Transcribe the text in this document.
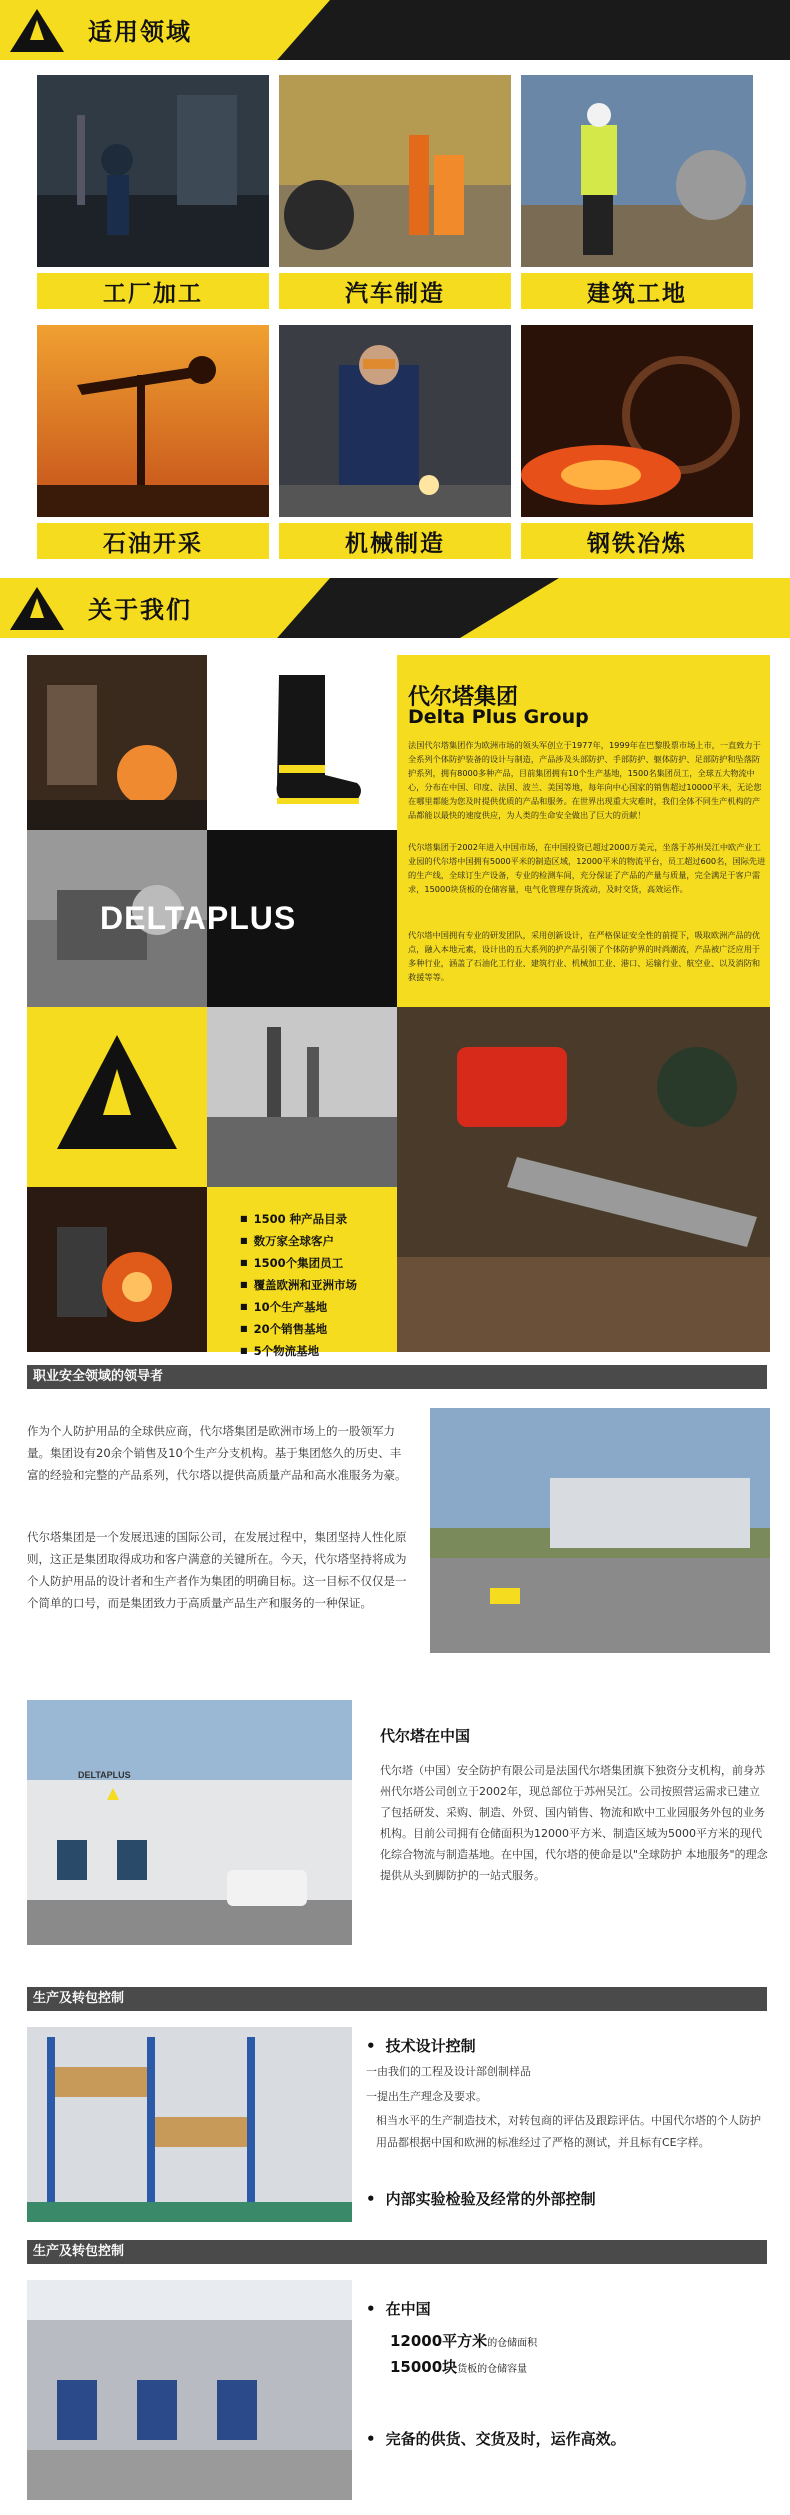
适用领域
工厂加工	汽车制造	建筑工地
石油开采	机械制造	钢铁冶炼
关于我们
代尔塔集团
Delta Plus Group
法国代尔塔集团作为欧洲市场的领头军创立于1977年，1999年在巴黎股票市场上市，一直致力于全系列个体防护装备的设计与制造，产品涉及头部防护、手部防护、躯体防护、足部防护和坠落防护系列，拥有8000多种产品，目前集团拥有10个生产基地，1500名集团员工，全球五大物流中心，分布在中国、印度、法国、波兰、美国等地，每年向中心国家的销售超过10000平米，无论您在哪里都能为您及时提供优质的产品和服务。在世界出现重大灾难时，我们全体不同生产机构的产品都能以最快的速度供应，为人类的生命安全做出了巨大的贡献！
代尔塔集团于2002年进入中国市场，在中国投资已超过2000万美元，坐落于苏州吴江中欧产业工业园的代尔塔中国拥有5000平米的制造区域，12000平米的物流平台，员工超过600名，国际先进的生产线，全球订生产设备，专业的检测车间，充分保证了产品的产量与质量，完全满足于客户需求，15000块货板的仓储容量，电气化管理存货流动，及时交货，高效运作。
代尔塔中国拥有专业的研发团队，采用创新设计，在严格保证安全性的前提下，吸取欧洲产品的优点，融入本地元素，设计出的五大系列的护产品引领了个体防护界的时尚潮流，产品被广泛应用于多种行业，涵盖了石油化工行业、建筑行业、机械加工业、港口、运输行业、航空业、以及消防和救援等等。
DELTAPLUS
■ 1500 种产品目录
■ 数万家全球客户
■ 1500个集团员工
■ 覆盖欧洲和亚洲市场
■ 10个生产基地
■ 20个销售基地
■ 5个物流基地
职业安全领域的领导者
作为个人防护用品的全球供应商，代尔塔集团是欧洲市场上的一股领军力量。集团设有20余个销售及10个生产分支机构。基于集团悠久的历史、丰富的经验和完整的产品系列，代尔塔以提供高质量产品和高水准服务为豪。
代尔塔集团是一个发展迅速的国际公司，在发展过程中，集团坚持人性化原则，这正是集团取得成功和客户满意的关键所在。今天，代尔塔坚持将成为个人防护用品的设计者和生产者作为集团的明确目标。这一目标不仅仅是一个简单的口号，而是集团致力于高质量产品生产和服务的一种保证。
DELTAPLUS
代尔塔在中国
代尔塔（中国）安全防护有限公司是法国代尔塔集团旗下独资分支机构，前身苏州代尔塔公司创立于2002年，现总部位于苏州吴江。公司按照营运需求已建立了包括研发、采购、制造、外贸、国内销售、物流和欧中工业园服务外包的业务机构。目前公司拥有仓储面积为12000平方米、制造区域为5000平方米的现代化综合物流与制造基地。在中国，代尔塔的使命是以"全球防护 本地服务"的理念提供从头到脚防护的一站式服务。
生产及转包控制
• 技术设计控制
一由我们的工程及设计部创制样品
一提出生产理念及要求。
相当水平的生产制造技术，对转包商的评估及跟踪评估。中国代尔塔的个人防护用品都根据中国和欧洲的标准经过了严格的测试，并且标有CE字样。
• 内部实验检验及经常的外部控制
生产及转包控制
• 在中国
12000平方米的仓储面积
15000块货板的仓储容量
• 完备的供货、交货及时，运作高效。
